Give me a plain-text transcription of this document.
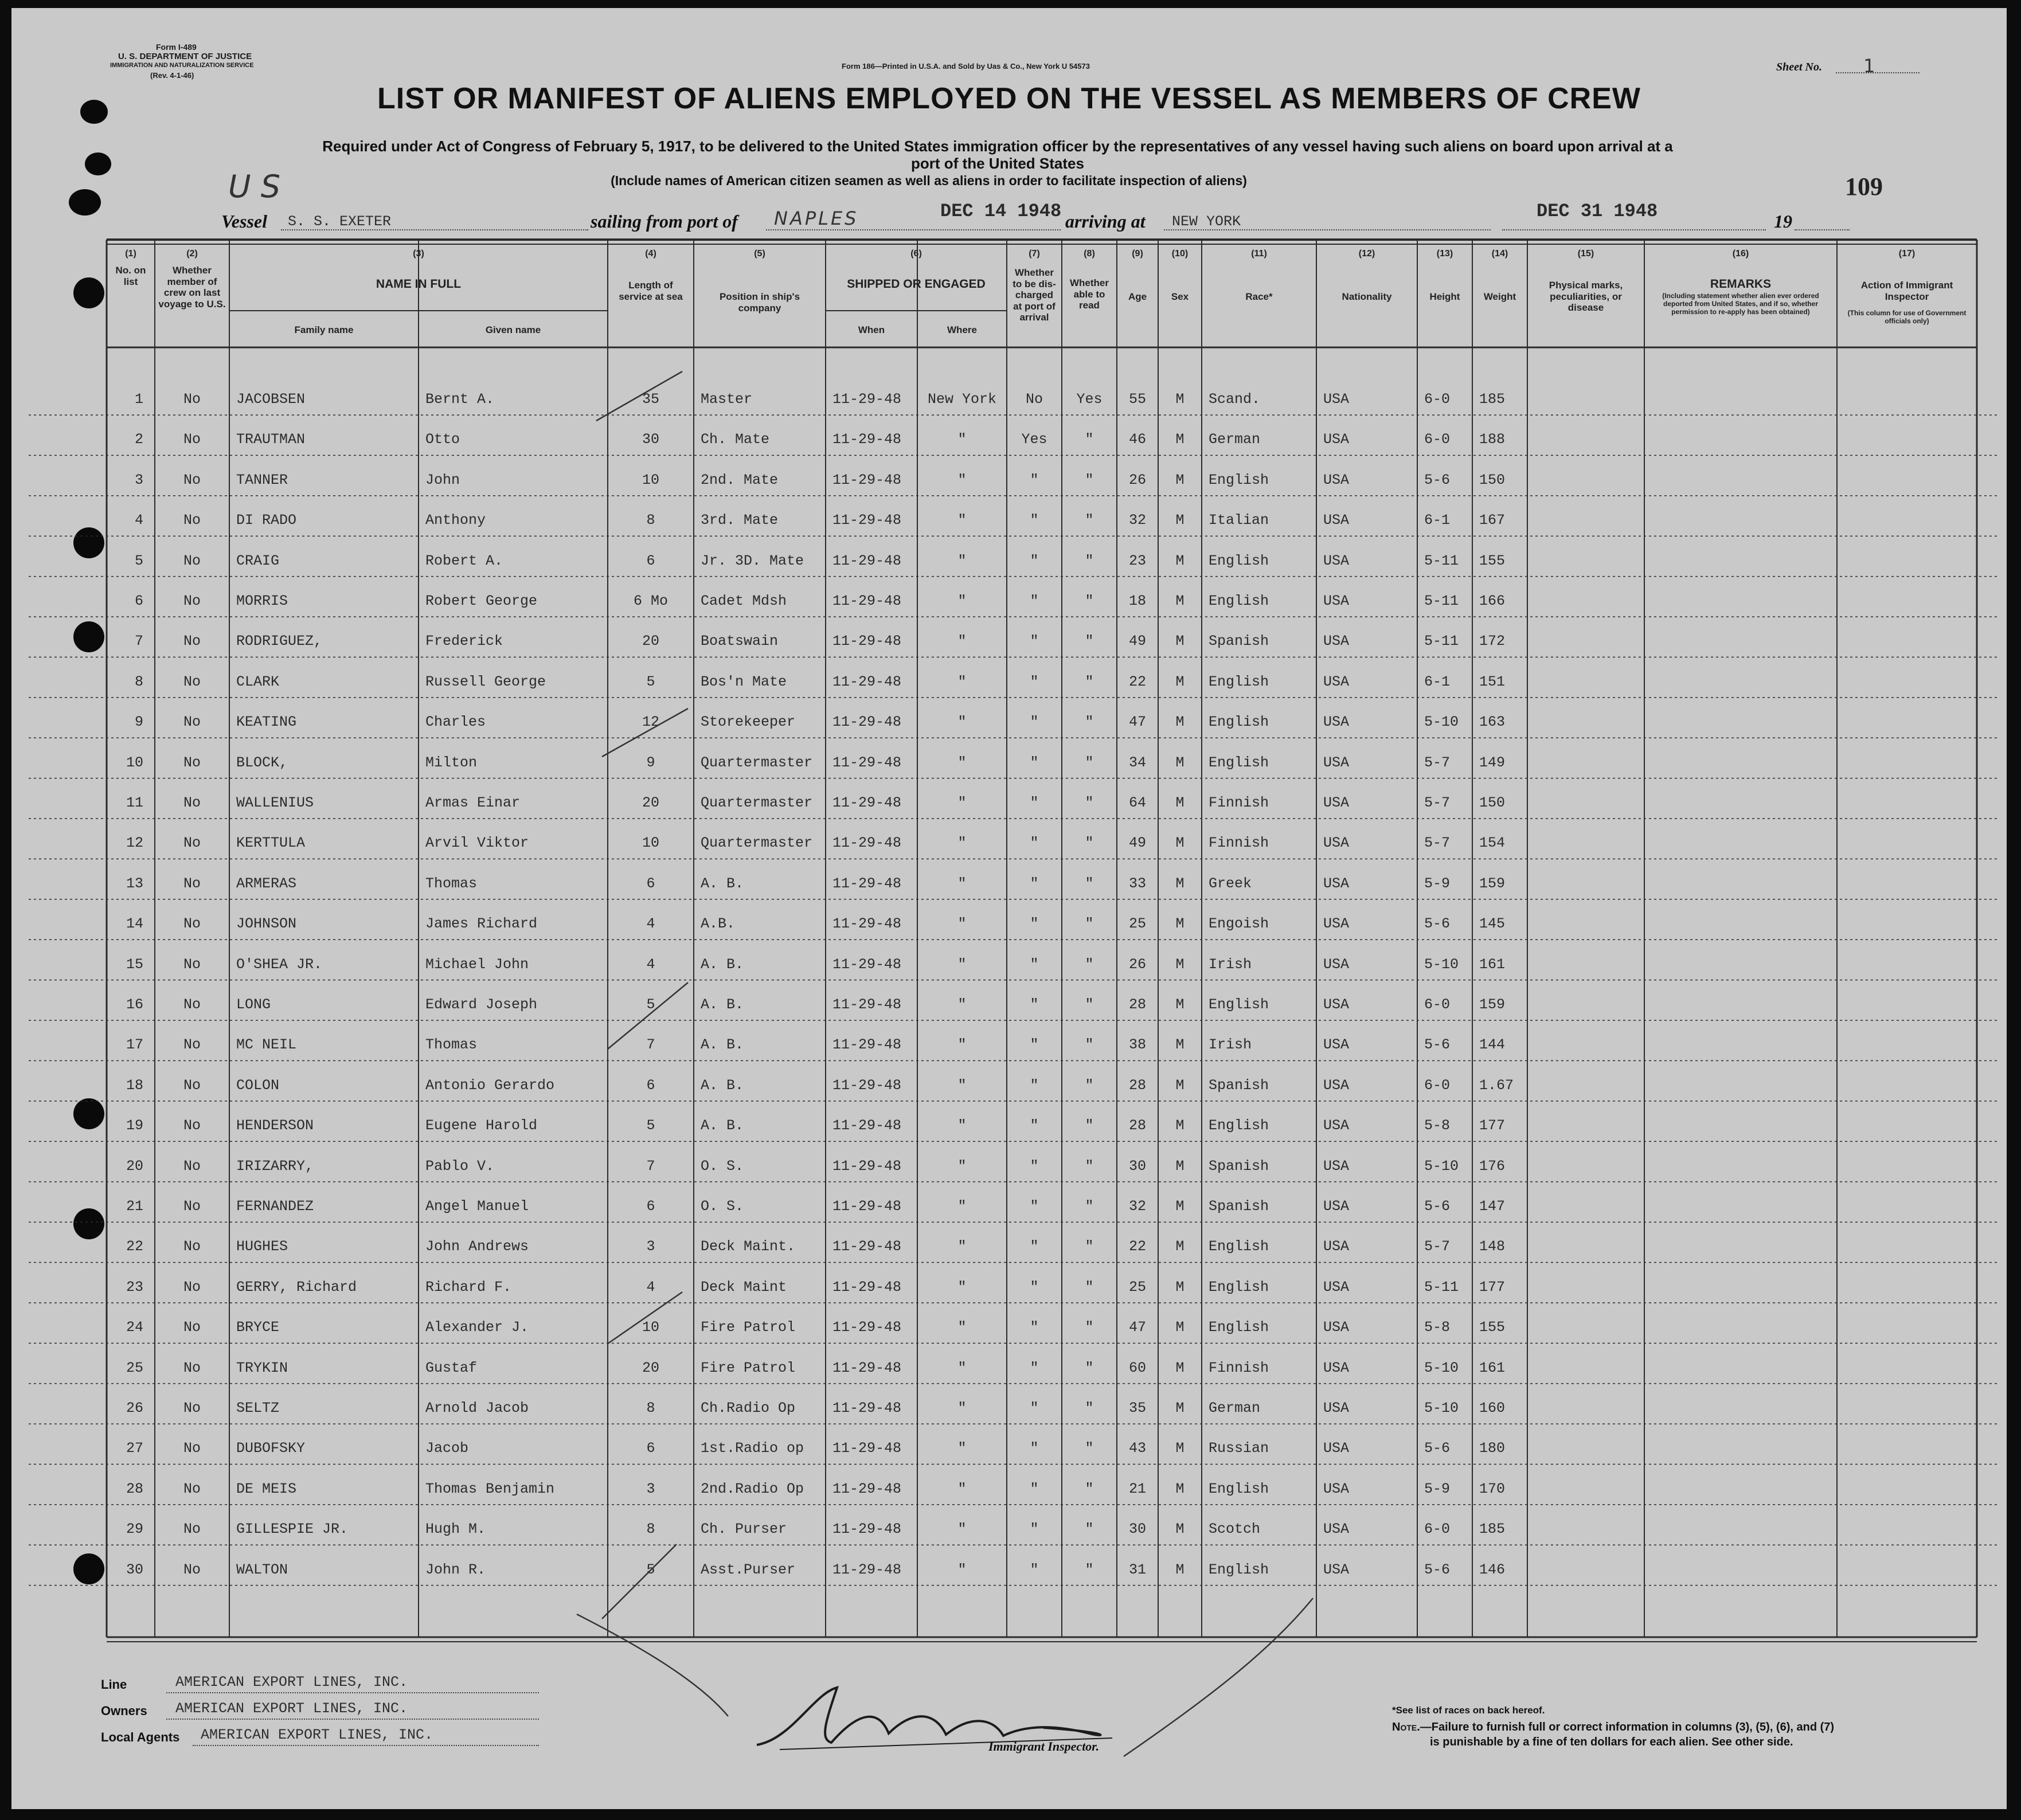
Form I-489
U. S. DEPARTMENT OF JUSTICE
IMMIGRATION AND NATURALIZATION SERVICE
(Rev. 4-1-46)
Form 186—Printed in U.S.A. and Sold by Uas & Co., New York U 54573	Sheet No. 1
LIST OR MANIFEST OF ALIENS EMPLOYED ON THE VESSEL AS MEMBERS OF CREW
Required under Act of Congress of February 5, 1917, to be delivered to the United States immigration officer by the representatives of any vessel having such aliens on board upon arrival at a
port of the United States
(Include names of American citizen seamen as well as aliens in order to facilitate inspection of aliens)
U S	109
Vessel S. S. EXETER	sailing from port of NAPLES	DEC 14 1948 arriving at NEW YORK	DEC 31 1948	19
(1)
No. on list
(2)
Whether member of crew on last voyage to U.S.
(3)
NAME IN FULL
(4)
Length of service at sea
(5)
Position in ship's company
(6)
SHIPPED OR ENGAGED
(7)
Whether to be dis-charged at port of arrival
(8)
Whether able to read
(9)
Age
(10)
Sex
(11)
Race*
(12)
Nationality
(13)
Height
(14)
Weight
(15)
Physical marks, peculiarities, or disease
(16)
REMARKS
(17)
Action of Immigrant Inspector
Family name	Given name	When	Where
(Including statement whether alien ever ordered deported from United States, and if so, whether permission to re-apply has been obtained)	(This column for use of Government officials only)
1	No	JACOBSEN	Bernt A.	35	Master	11-29-48	New York	No	Yes	55	M	Scand.	USA	6-0 185
2	No	TRAUTMAN	Otto	30	Ch. Mate	11-29-48	"	Yes	"	46	M	German	USA	6-0 188
3	No	TANNER	John	10	2nd. Mate	11-29-48	"	"	"	26	M	English	USA	5-6 150
4	No	DI RADO	Anthony	8	3rd. Mate	11-29-48	"	"	"	32	M	Italian	USA	6-1 167
5	No	CRAIG	Robert A.	6	Jr. 3D. Mate 11-29-48	"	"	"	23	M	English	USA	5-11 155
6	No	MORRIS	Robert George	6 Mo	Cadet Mdsh	11-29-48	"	"	"	18	M	English	USA	5-11 166
7	No	RODRIGUEZ,	Frederick	20	Boatswain	11-29-48	"	"	"	49	M	Spanish	USA	5-11 172
8	No	CLARK	Russell George	5	Bos'n Mate	11-29-48	"	"	"	22	M	English	USA	6-1 151
9	No	KEATING	Charles	12	Storekeeper	11-29-48	"	"	"	47	M	English	USA	5-10 163
10	No	BLOCK,	Milton	9	Quartermaster 11-29-48	"	"	"	34	M	English	USA	5-7 149
11	No	WALLENIUS	Armas Einar	20	Quartermaster 11-29-48	"	"	"	64	M	Finnish	USA	5-7 150
12	No	KERTTULA	Arvil Viktor	10	Quartermaster 11-29-48	"	"	"	49	M	Finnish	USA	5-7 154
13	No	ARMERAS	Thomas	6	A. B.	11-29-48	"	"	"	33	M	Greek	USA	5-9 159
14	No	JOHNSON	James Richard	4	A.B.	11-29-48	"	"	"	25	M	Engoish	USA	5-6 145
15	No	O'SHEA JR.	Michael John	4	A. B.	11-29-48	"	"	"	26	M	Irish	USA	5-10 161
16	No	LONG	Edward Joseph	5	A. B.	11-29-48	"	"	"	28	M	English	USA	6-0 159
17	No	MC NEIL	Thomas	7	A. B.	11-29-48	"	"	"	38	M	Irish	USA	5-6 144
18	No	COLON	Antonio Gerardo	6	A. B.	11-29-48	"	"	"	28	M	Spanish	USA	6-0 1.67
19	No	HENDERSON	Eugene Harold	5	A. B.	11-29-48	"	"	"	28	M	English	USA	5-8 177
20	No	IRIZARRY,	Pablo V.	7	O. S.	11-29-48	"	"	"	30	M	Spanish	USA	5-10 176
21	No	FERNANDEZ	Angel Manuel	6	O. S.	11-29-48	"	"	"	32	M	Spanish	USA	5-6 147
22	No	HUGHES	John Andrews	3	Deck Maint.	11-29-48	"	"	"	22	M	English	USA	5-7 148
23	No	GERRY, Richard	Richard F.	4	Deck Maint	11-29-48	"	"	"	25	M	English	USA	5-11 177
24	No	BRYCE	Alexander J.	10	Fire Patrol	11-29-48	"	"	"	47	M	English	USA	5-8 155
25	No	TRYKIN	Gustaf	20	Fire Patrol	11-29-48	"	"	"	60	M	Finnish	USA	5-10 161
26	No	SELTZ	Arnold Jacob	8	Ch.Radio Op	11-29-48	"	"	"	35	M	German	USA	5-10 160
27	No	DUBOFSKY	Jacob	6	1st.Radio op 11-29-48	"	"	"	43	M	Russian	USA	5-6 180
28	No	DE MEIS	Thomas Benjamin	3	2nd.Radio Op 11-29-48	"	"	"	21	M	English	USA	5-9 170
29	No	GILLESPIE JR.	Hugh M.	8	Ch. Purser	11-29-48	"	"	"	30	M	Scotch	USA	6-0 185
30	No	WALTON	John R.	5	Asst.Purser	11-29-48	"	"	"	31	M	English	USA	5-6 146
Line	AMERICAN EXPORT LINES, INC.
Owners AMERICAN EXPORT LINES, INC.
Local Agents AMERICAN EXPORT LINES, INC.
Immigrant Inspector.
*See list of races on back hereof.
Note.—Failure to furnish full or correct information in columns (3), (5), (6), and (7)
is punishable by a fine of ten dollars for each alien. See other side.
